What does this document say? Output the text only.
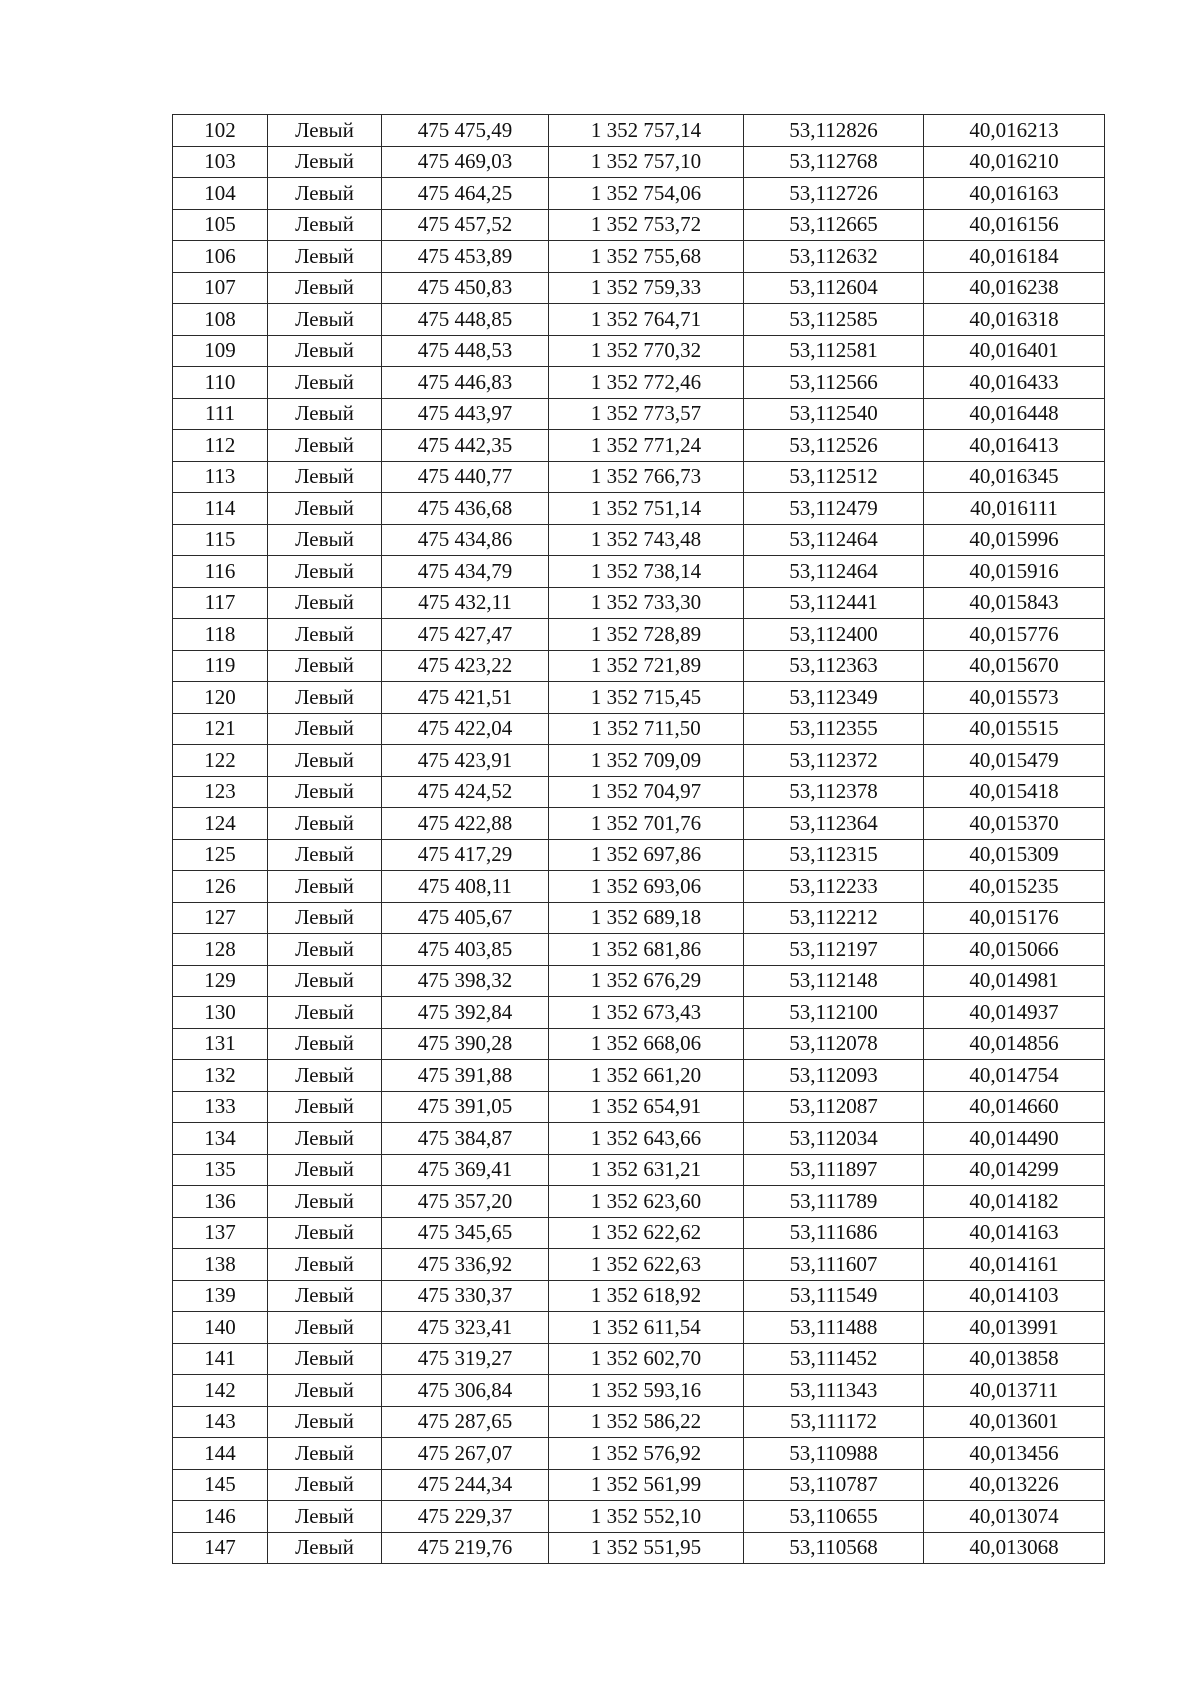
102	Левый	475 475,49	1 352 757,14	53,112826	40,016213
103	Левый	475 469,03	1 352 757,10	53,112768	40,016210
104	Левый	475 464,25	1 352 754,06	53,112726	40,016163
105	Левый	475 457,52	1 352 753,72	53,112665	40,016156
106	Левый	475 453,89	1 352 755,68	53,112632	40,016184
107	Левый	475 450,83	1 352 759,33	53,112604	40,016238
108	Левый	475 448,85	1 352 764,71	53,112585	40,016318
109	Левый	475 448,53	1 352 770,32	53,112581	40,016401
110	Левый	475 446,83	1 352 772,46	53,112566	40,016433
111	Левый	475 443,97	1 352 773,57	53,112540	40,016448
112	Левый	475 442,35	1 352 771,24	53,112526	40,016413
113	Левый	475 440,77	1 352 766,73	53,112512	40,016345
114	Левый	475 436,68	1 352 751,14	53,112479	40,016111
115	Левый	475 434,86	1 352 743,48	53,112464	40,015996
116	Левый	475 434,79	1 352 738,14	53,112464	40,015916
117	Левый	475 432,11	1 352 733,30	53,112441	40,015843
118	Левый	475 427,47	1 352 728,89	53,112400	40,015776
119	Левый	475 423,22	1 352 721,89	53,112363	40,015670
120	Левый	475 421,51	1 352 715,45	53,112349	40,015573
121	Левый	475 422,04	1 352 711,50	53,112355	40,015515
122	Левый	475 423,91	1 352 709,09	53,112372	40,015479
123	Левый	475 424,52	1 352 704,97	53,112378	40,015418
124	Левый	475 422,88	1 352 701,76	53,112364	40,015370
125	Левый	475 417,29	1 352 697,86	53,112315	40,015309
126	Левый	475 408,11	1 352 693,06	53,112233	40,015235
127	Левый	475 405,67	1 352 689,18	53,112212	40,015176
128	Левый	475 403,85	1 352 681,86	53,112197	40,015066
129	Левый	475 398,32	1 352 676,29	53,112148	40,014981
130	Левый	475 392,84	1 352 673,43	53,112100	40,014937
131	Левый	475 390,28	1 352 668,06	53,112078	40,014856
132	Левый	475 391,88	1 352 661,20	53,112093	40,014754
133	Левый	475 391,05	1 352 654,91	53,112087	40,014660
134	Левый	475 384,87	1 352 643,66	53,112034	40,014490
135	Левый	475 369,41	1 352 631,21	53,111897	40,014299
136	Левый	475 357,20	1 352 623,60	53,111789	40,014182
137	Левый	475 345,65	1 352 622,62	53,111686	40,014163
138	Левый	475 336,92	1 352 622,63	53,111607	40,014161
139	Левый	475 330,37	1 352 618,92	53,111549	40,014103
140	Левый	475 323,41	1 352 611,54	53,111488	40,013991
141	Левый	475 319,27	1 352 602,70	53,111452	40,013858
142	Левый	475 306,84	1 352 593,16	53,111343	40,013711
143	Левый	475 287,65	1 352 586,22	53,111172	40,013601
144	Левый	475 267,07	1 352 576,92	53,110988	40,013456
145	Левый	475 244,34	1 352 561,99	53,110787	40,013226
146	Левый	475 229,37	1 352 552,10	53,110655	40,013074
147	Левый	475 219,76	1 352 551,95	53,110568	40,013068
